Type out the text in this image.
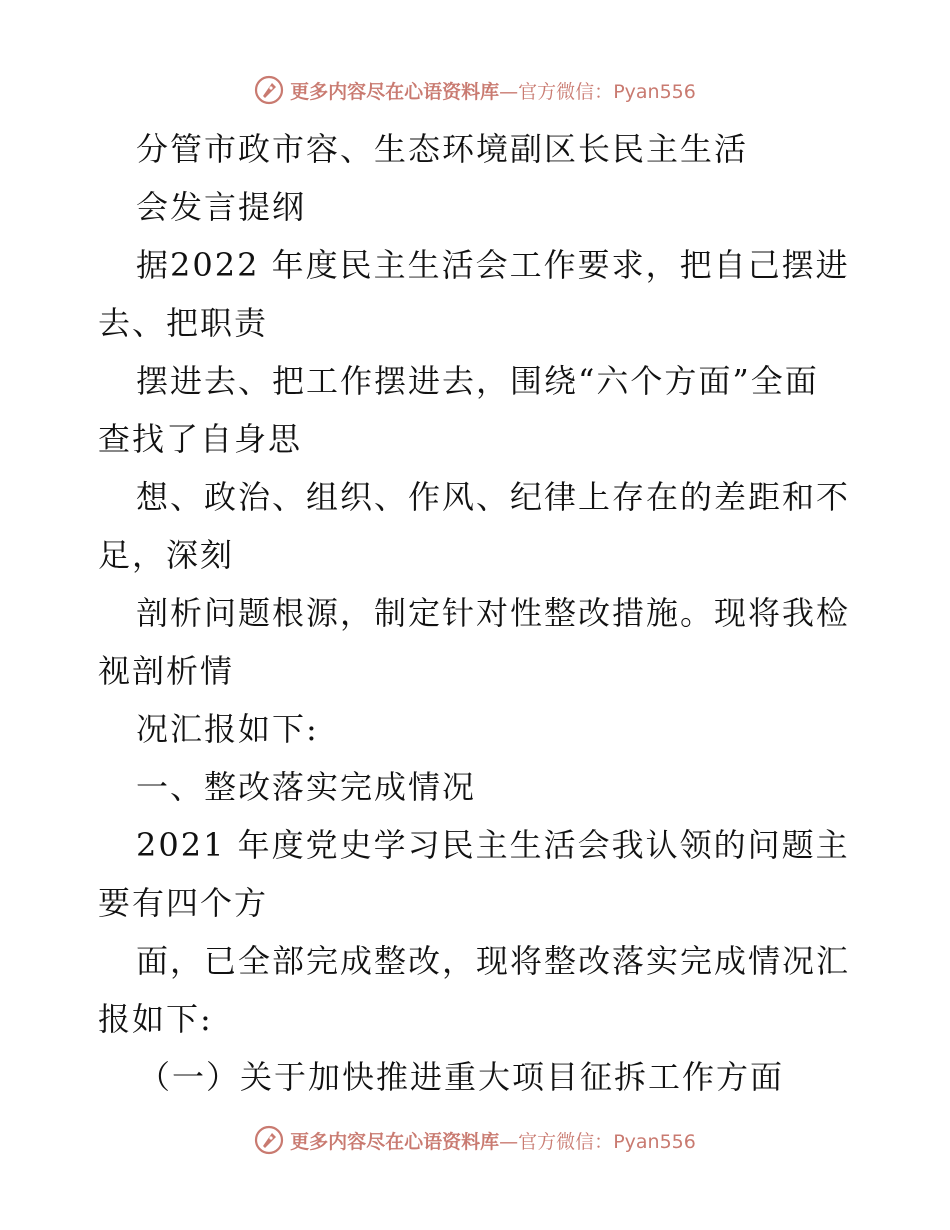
更多内容尽在心语资料库—官方微信：Pyan556
分管市政市容、生态环境副区长民主生活
会发言提纲
据2022 年度民主生活会工作要求，把自己摆进
去、把职责
摆进去、把工作摆进去，围绕“六个方面”全面
查找了自身思
想、政治、组织、作风、纪律上存在的差距和不
足，深刻
剖析问题根源，制定针对性整改措施。现将我检
视剖析情
况汇报如下:
一、整改落实完成情况
2021 年度党史学习民主生活会我认领的问题主
要有四个方
面，已全部完成整改，现将整改落实完成情况汇
报如下:
（一）关于加快推进重大项目征拆工作方面
更多内容尽在心语资料库—官方微信：Pyan556
